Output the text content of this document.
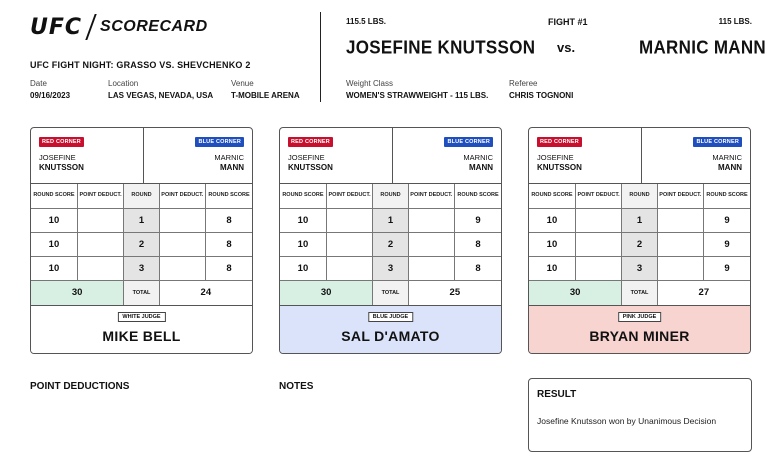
UFC SCORECARD
UFC FIGHT NIGHT: GRASSO VS. SHEVCHENKO 2
Date
09/16/2023
Location
LAS VEGAS, NEVADA, USA
Venue
T-MOBILE ARENA
115.5 LBS.
JOSEFINE KNUTSSON
FIGHT #1
vs.
115 LBS.
MARNIC MANN
Weight Class
WOMEN'S STRAWWEIGHT - 115 LBS.
Referee
CHRIS TOGNONI
RED CORNER
JOSEFINE
KNUTSSON
BLUE CORNER
MARNIC
MANN
ROUND SCORE	POINT DEDUCT.	ROUND	POINT DEDUCT.	ROUND SCORE
10		1		8
10		2		8
10		3		8
30		TOTAL	24	
WHITE JUDGE
MIKE BELL
RED CORNER
JOSEFINE
KNUTSSON
BLUE CORNER
MARNIC
MANN
ROUND SCORE	POINT DEDUCT.	ROUND	POINT DEDUCT.	ROUND SCORE
10		1		9
10		2		8
10		3		8
30		TOTAL	25	
BLUE JUDGE
SAL D'AMATO
RED CORNER
JOSEFINE
KNUTSSON
BLUE CORNER
MARNIC
MANN
ROUND SCORE	POINT DEDUCT.	ROUND	POINT DEDUCT.	ROUND SCORE
10		1		9
10		2		9
10		3		9
30		TOTAL	27	
PINK JUDGE
BRYAN MINER
POINT DEDUCTIONS	NOTES
RESULT
Josefine Knutsson won by Unanimous Decision
